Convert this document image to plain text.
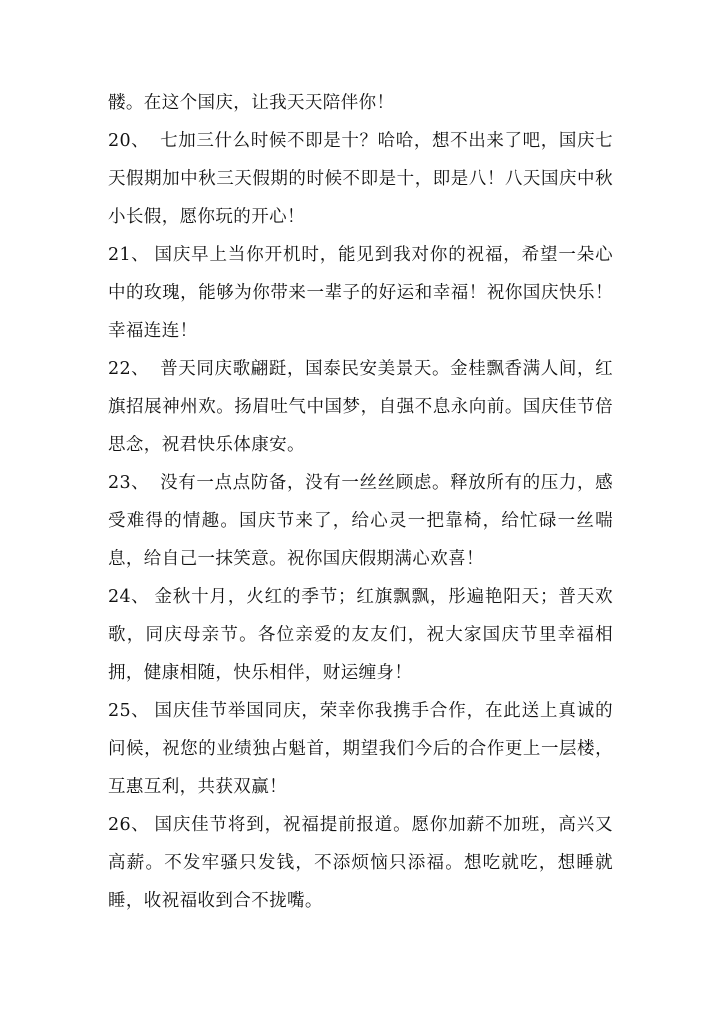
髅。在这个国庆，让我天天陪伴你！

20、 七加三什么时候不即是十？哈哈，想不出来了吧，国庆七天假期加中秋三天假期的时候不即是十，即是八！八天国庆中秋小长假，愿你玩的开心！

21、 国庆早上当你开机时，能见到我对你的祝福，希望一朵心中的玫瑰，能够为你带来一辈子的好运和幸福！祝你国庆快乐！幸福连连！

22、 普天同庆歌翩跹，国泰民安美景天。金桂飘香满人间，红旗招展神州欢。扬眉吐气中国梦，自强不息永向前。国庆佳节倍思念，祝君快乐体康安。

23、 没有一点点防备，没有一丝丝顾虑。释放所有的压力，感受难得的情趣。国庆节来了，给心灵一把靠椅，给忙碌一丝喘息，给自己一抹笑意。祝你国庆假期满心欢喜！

24、 金秋十月，火红的季节；红旗飘飘，彤遍艳阳天；普天欢歌，同庆母亲节。各位亲爱的友友们，祝大家国庆节里幸福相拥，健康相随，快乐相伴，财运缠身！

25、 国庆佳节举国同庆，荣幸你我携手合作，在此送上真诚的问候，祝您的业绩独占魁首，期望我们今后的合作更上一层楼，互惠互利，共获双赢！

26、 国庆佳节将到，祝福提前报道。愿你加薪不加班，高兴又高薪。不发牢骚只发钱，不添烦恼只添福。想吃就吃，想睡就睡，收祝福收到合不拢嘴。
